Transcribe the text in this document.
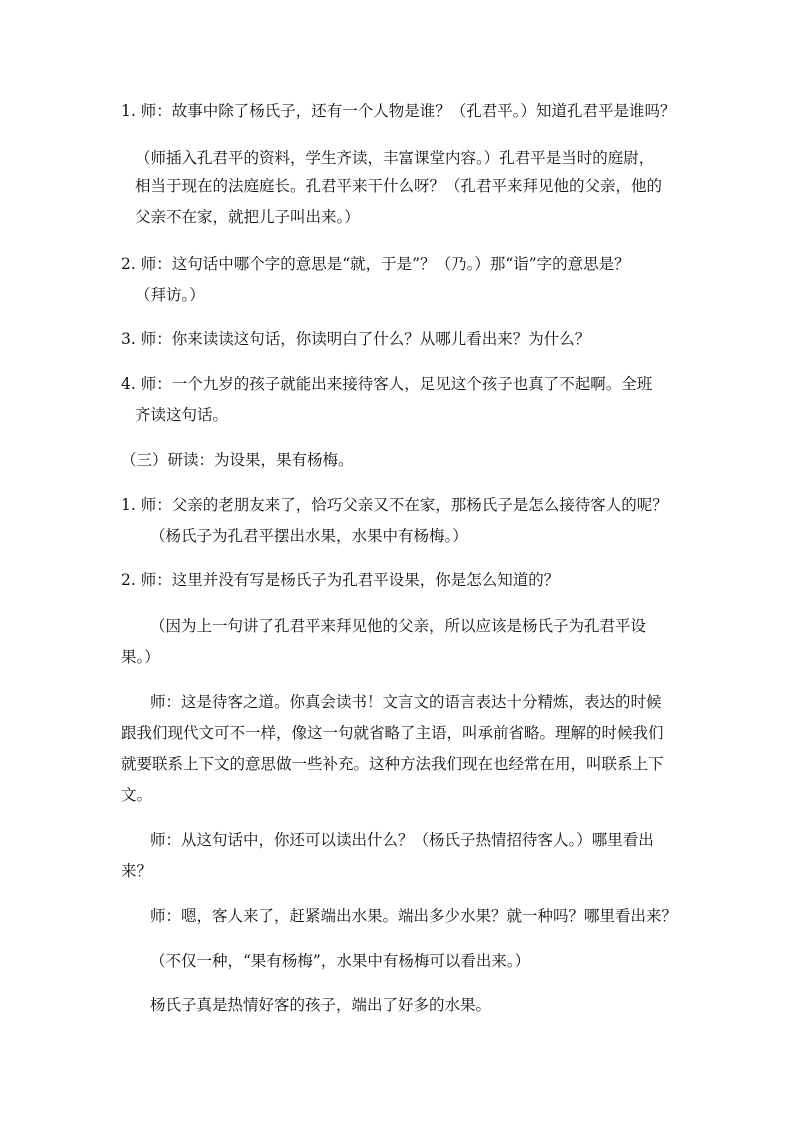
1. 师：故事中除了杨氏子，还有一个人物是谁？（孔君平。）知道孔君平是谁吗？
（师插入孔君平的资料，学生齐读，丰富课堂内容。）孔君平是当时的庭尉，
相当于现在的法庭庭长。孔君平来干什么呀？（孔君平来拜见他的父亲，他的
父亲不在家，就把儿子叫出来。）
2. 师：这句话中哪个字的意思是“就，于是”？（乃。）那“诣”字的意思是？
（拜访。）
3. 师：你来读读这句话，你读明白了什么？从哪儿看出来？为什么？
4. 师：一个九岁的孩子就能出来接待客人，足见这个孩子也真了不起啊。全班
齐读这句话。
（三）研读：为设果，果有杨梅。
1. 师：父亲的老朋友来了，恰巧父亲又不在家，那杨氏子是怎么接待客人的呢？
（杨氏子为孔君平摆出水果，水果中有杨梅。）
2. 师：这里并没有写是杨氏子为孔君平设果，你是怎么知道的？
（因为上一句讲了孔君平来拜见他的父亲，所以应该是杨氏子为孔君平设
果。）
师：这是待客之道。你真会读书！文言文的语言表达十分精炼，表达的时候
跟我们现代文可不一样，像这一句就省略了主语，叫承前省略。理解的时候我们
就要联系上下文的意思做一些补充。这种方法我们现在也经常在用，叫联系上下
文。
师：从这句话中，你还可以读出什么？（杨氏子热情招待客人。）哪里看出
来？
师：嗯，客人来了，赶紧端出水果。端出多少水果？就一种吗？哪里看出来？
（不仅一种，“果有杨梅”，水果中有杨梅可以看出来。）
杨氏子真是热情好客的孩子，端出了好多的水果。
